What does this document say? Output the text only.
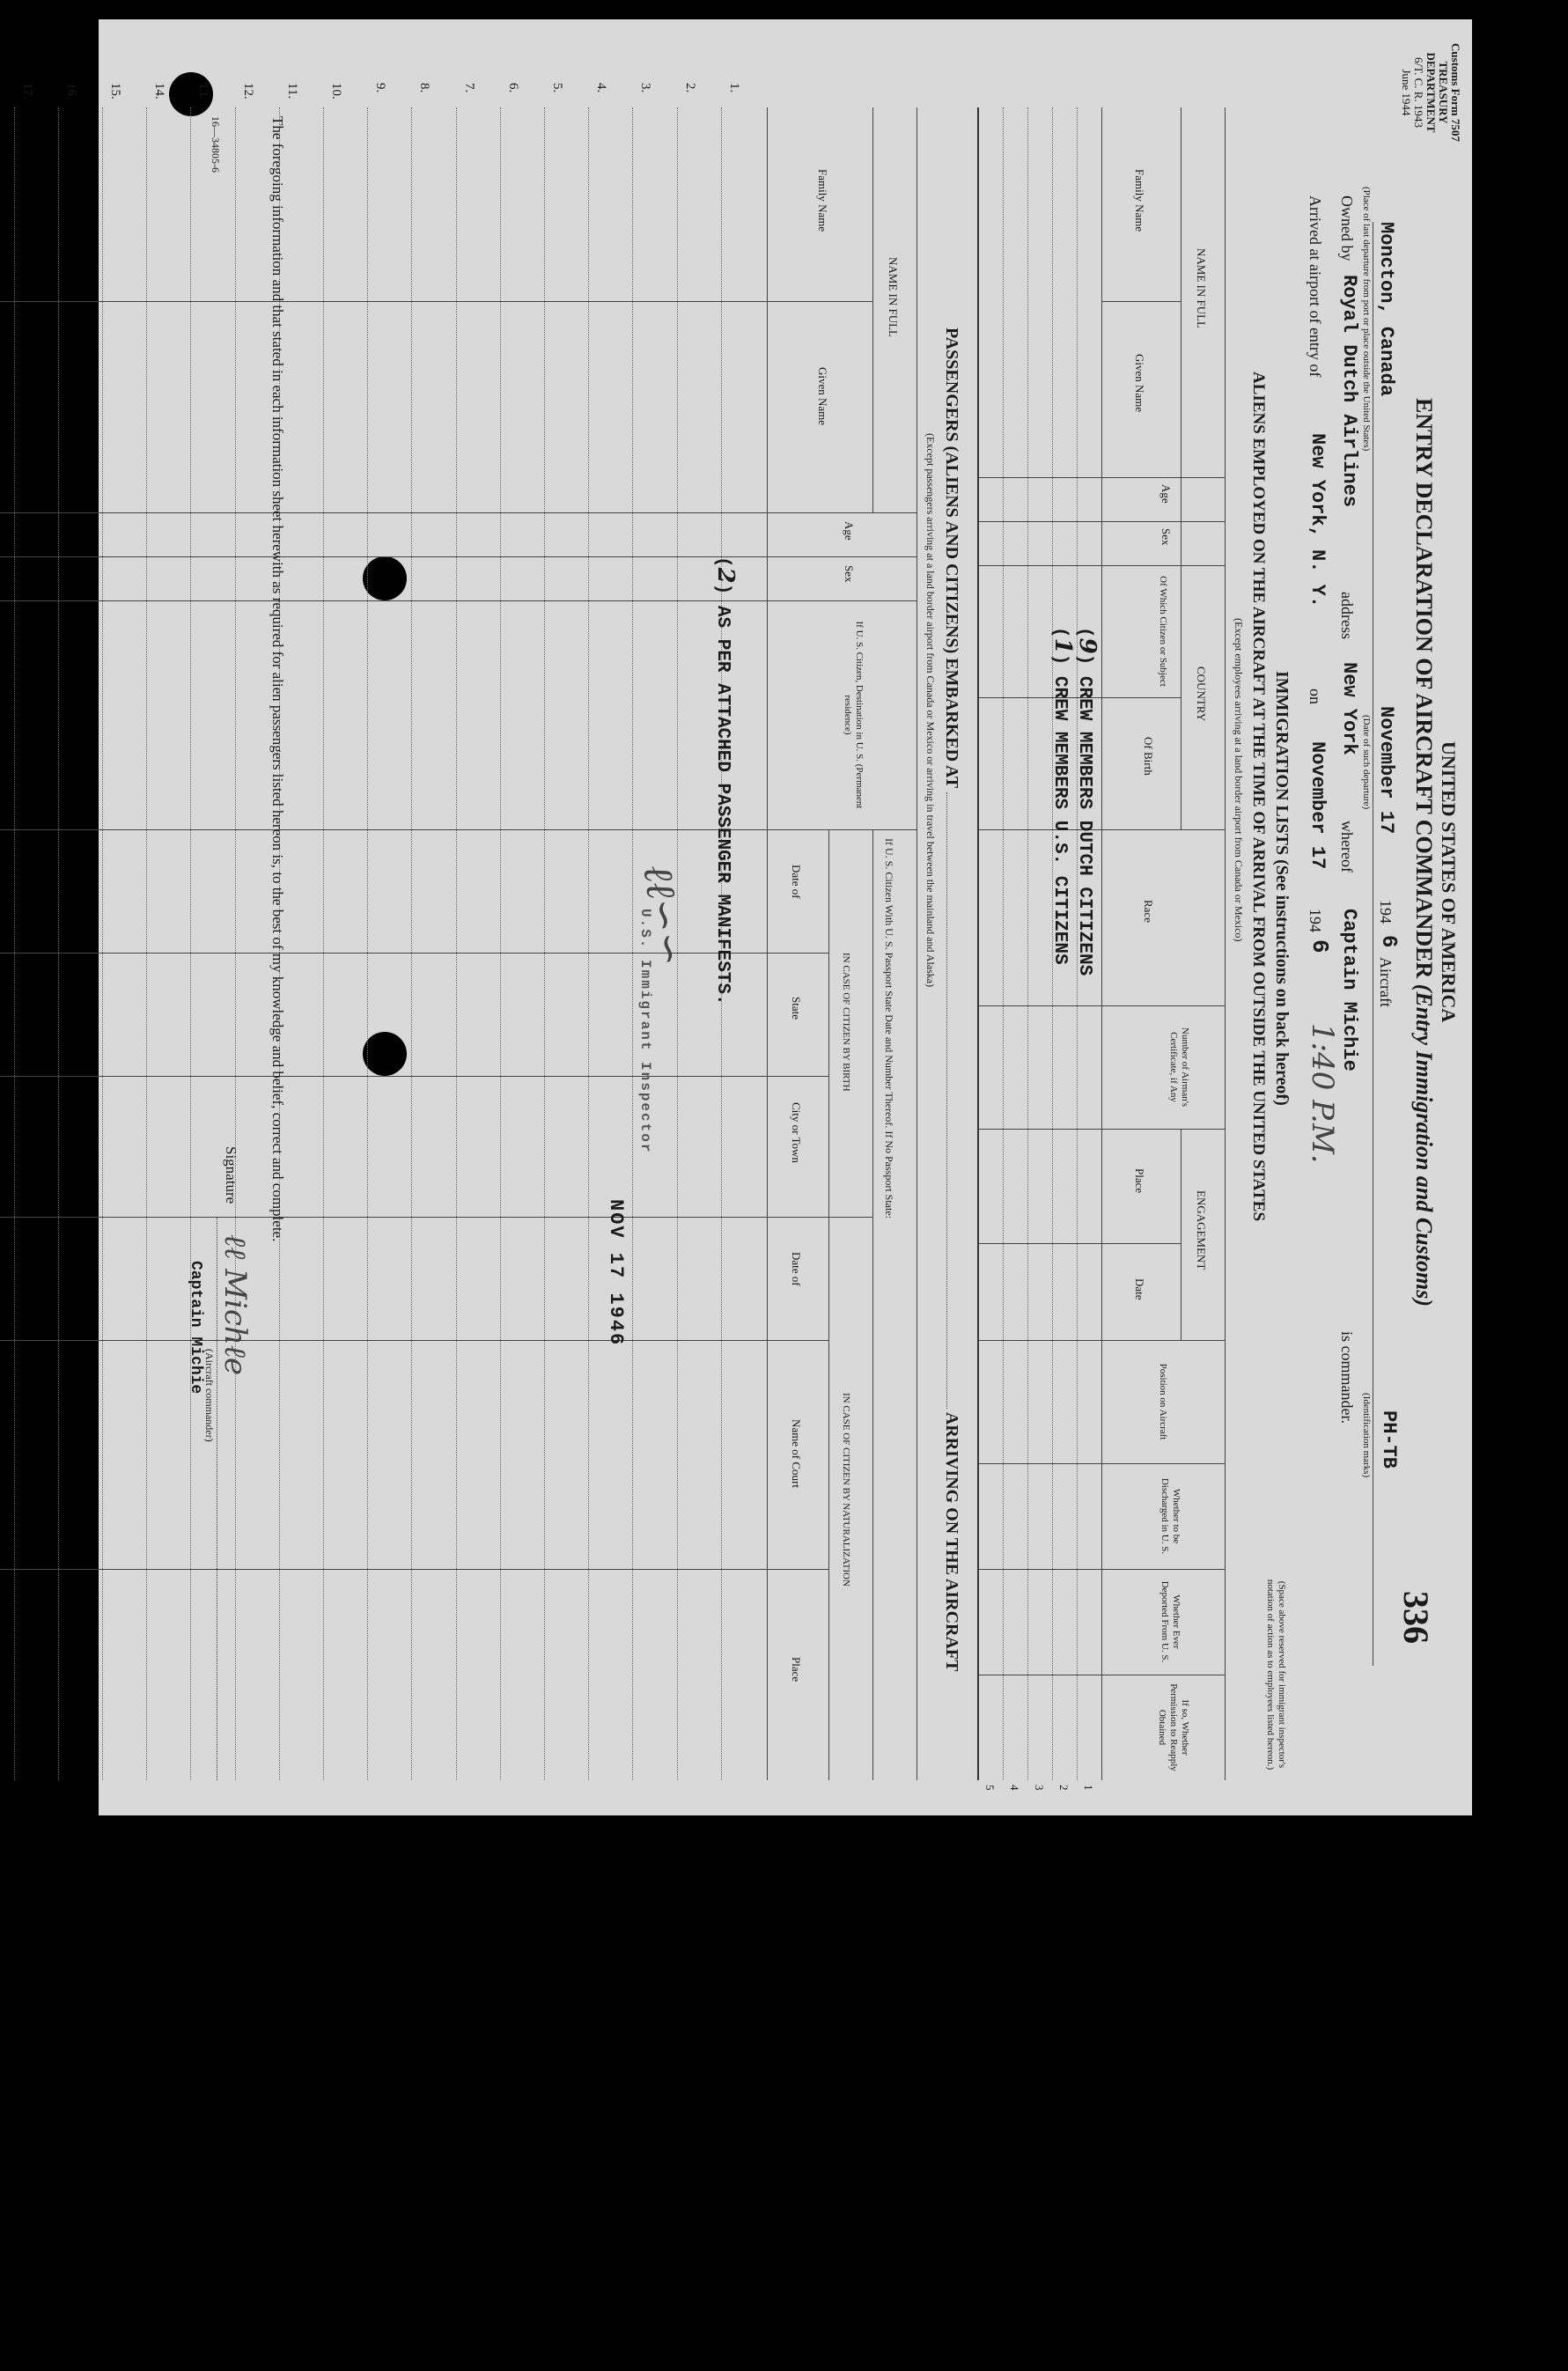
Customs Form 7507
TREASURY DEPARTMENT
6/T. C. R. 1943
June 1944
UNITED STATES OF AMERICA
ENTRY DECLARATION OF AIRCRAFT COMMANDER (Entry Immigration and Customs)
336
Moncton, Canada
November 17
194
6
Aircraft
PH-TB
(Place of last departure from port or place outside the United States)
(Date of such departure)
(Identification marks)
Owned by
Royal Dutch Airlines
address
New York
whereof
Captain Michie
is commander.
Arrived at airport of entry of
New York, N. Y.
on
November 17
194
6
1:40 P.M.
IMMIGRATION LISTS (See instructions on back hereof)
ALIENS EMPLOYED ON THE AIRCRAFT AT THE TIME OF ARRIVAL FROM OUTSIDE THE UNITED STATES
(Except employees arriving at a land border airport from Canada or Mexico)
(Space above reserved for immigrant inspector's notation of action as to employees listed hereon.)
NAME IN FULL
Family Name
Given Name
Age
Sex
COUNTRY
Of Which Citizen or Subject
Of Birth
Race
Number of Airman's Certificate, if Any
ENGAGEMENT
Place
Date
Position on Aircraft
Whether to be Discharged in U. S.
Whether Ever Deported From U. S.
If so, Whether Permission to Reapply Obtained
(9) CREW MEMBERS DUTCH CITIZENS
(1) CREW MEMBERS U.S. CITIZENS
1
2
3
4
5
PASSENGERS (ALIENS AND CITIZENS) EMBARKED AT  ARRIVING ON THE AIRCRAFT
(Except passengers arriving at a land border airport from Canada or Mexico or arriving in travel between the mainland and Alaska)
NAME IN FULL
Family Name
Given Name
Age
Sex
If U. S. Citizen, Destination in U. S. (Permanent residence)
If U. S. Citizen With U. S. Passport State Date and Number Thereof. If No Passport State:
IN CASE OF CITIZEN BY BIRTH
IN CASE OF CITIZEN BY NATURALIZATION
Date of
State
City or Town
Date of
Name of Court
Place
1.
2.
3.
4.
5.
6.
7.
8.
9.
10.
11.
12.
13.
14.
15.
16.
17.
(2) AS PER ATTACHED PASSENGER MANIFESTS.
ℓℓ∽∽
U.S. Immigrant Inspector
NOV 17 1946
The foregoing information and that stated in each information sheet herewith as required for alien passengers listed hereon is, to the best of my knowledge and belief, correct and complete.
Signature
ℓℓ Michℓe
(Aircraft commander)
Captain Michie
16—34805-6
